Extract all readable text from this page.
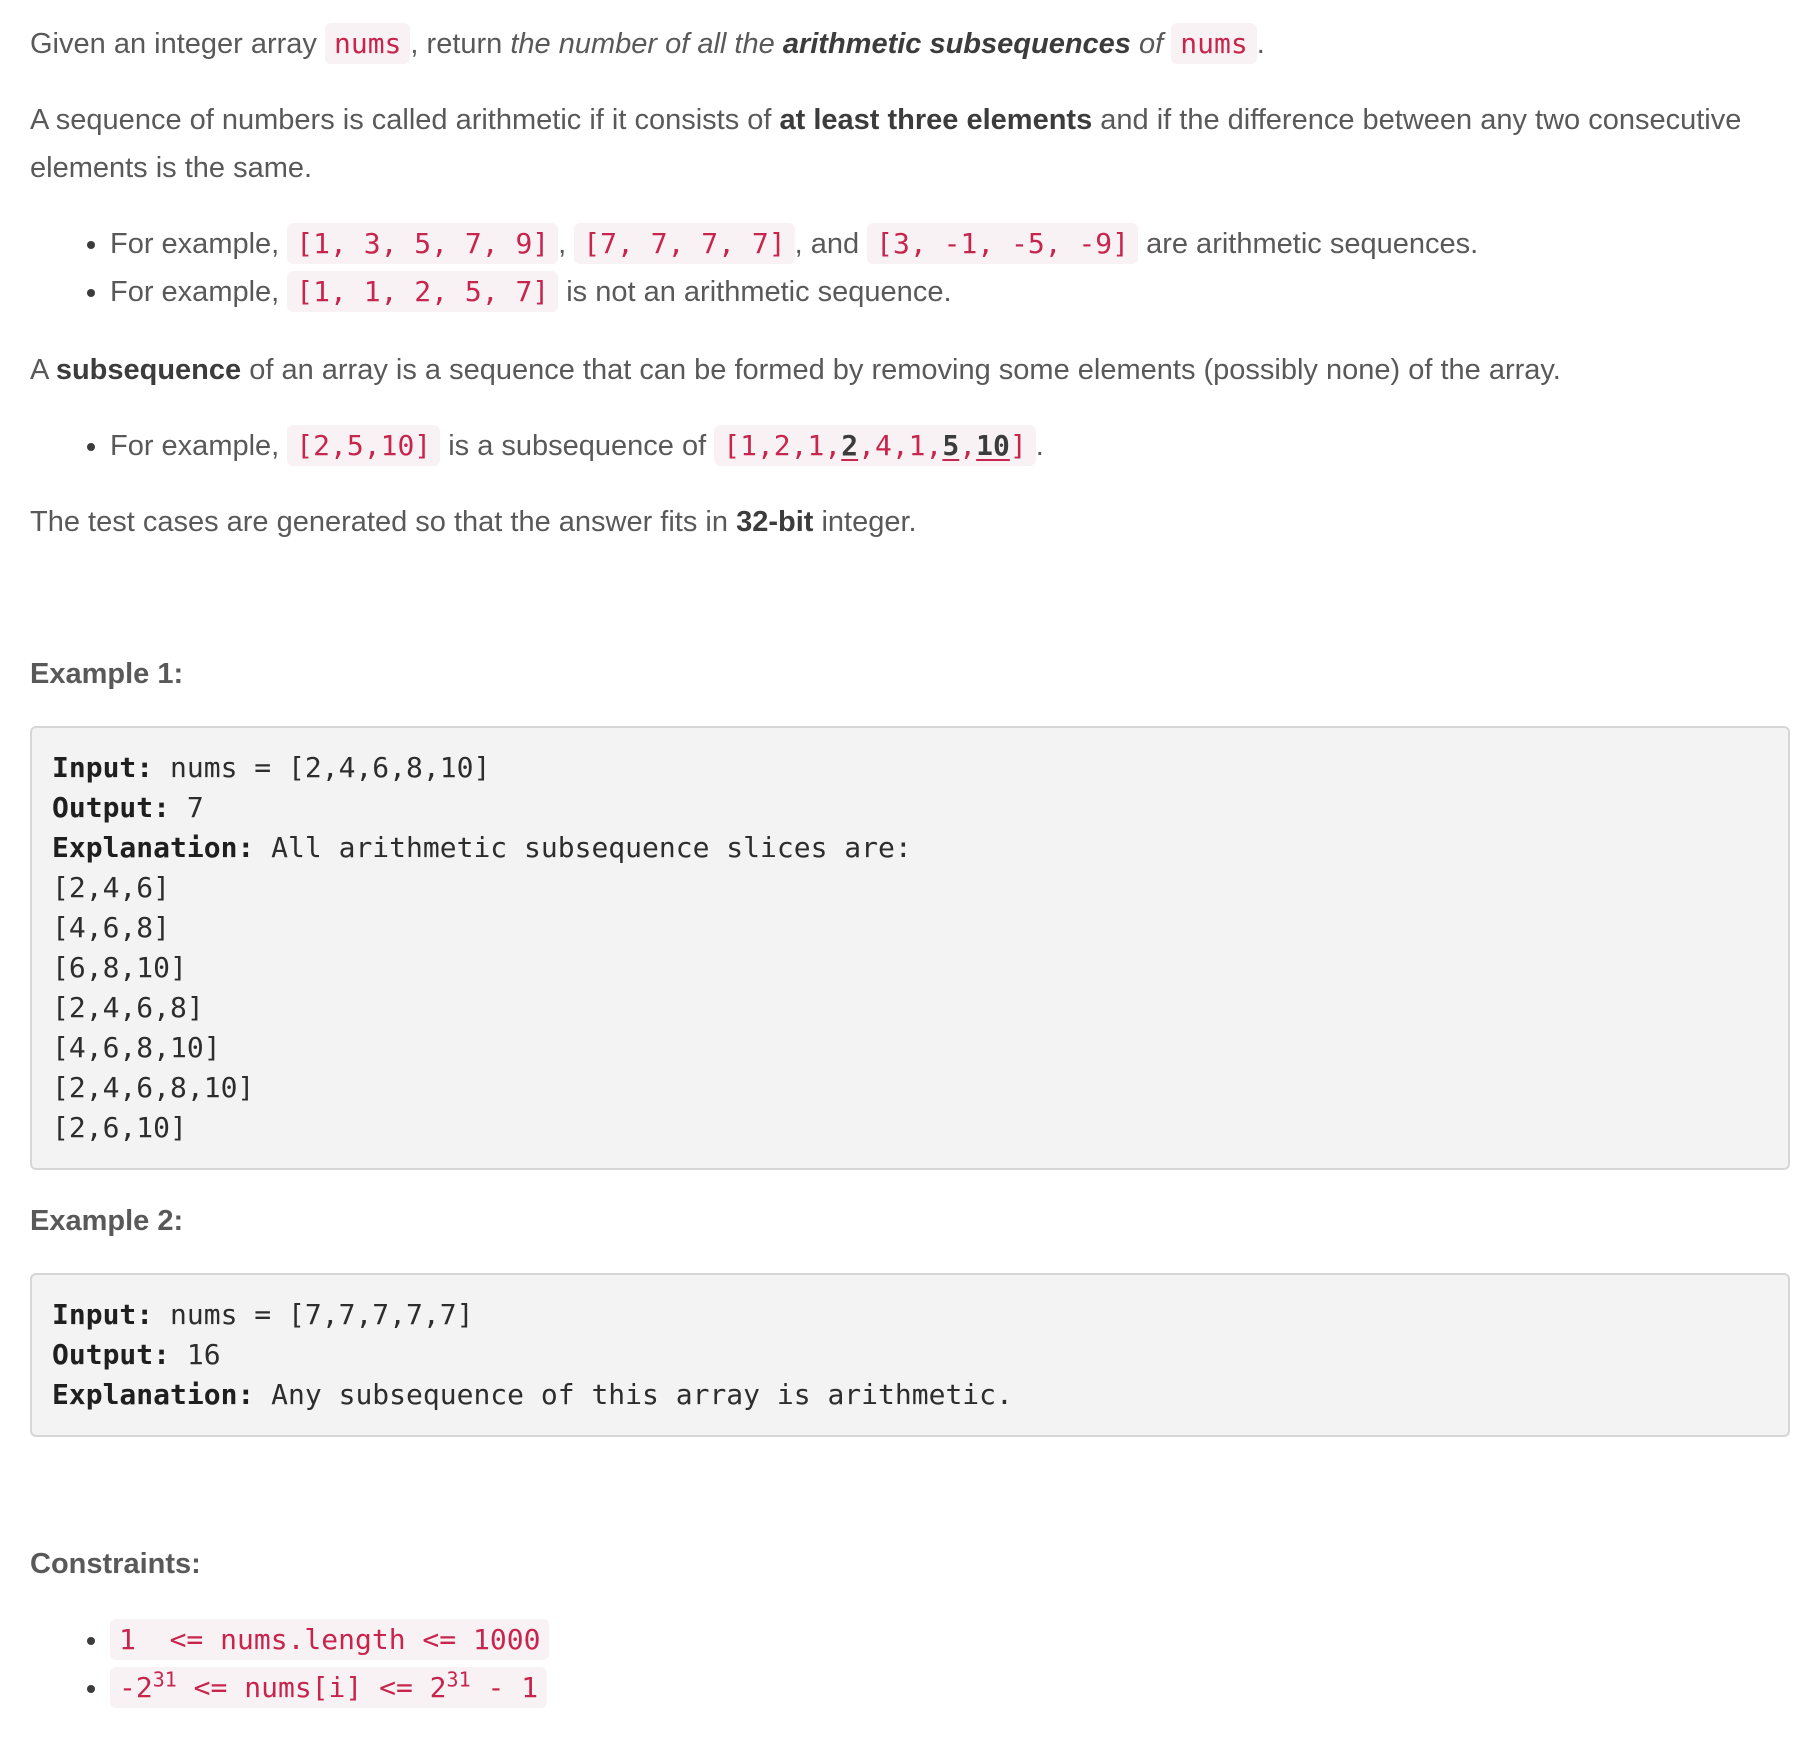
Given an integer array nums , return the number of all the arithmetic subsequences of nums .

A sequence of numbers is called arithmetic if it consists of at least three elements and if the difference between any two consecutive elements is the same.

• For example, [1, 3, 5, 7, 9] , [7, 7, 7, 7] , and [3, -1, -5, -9] are arithmetic sequences.
• For example, [1, 1, 2, 5, 7] is not an arithmetic sequence.

A subsequence of an array is a sequence that can be formed by removing some elements (possibly none) of the array.

• For example, [2,5,10] is a subsequence of [1,2,1,2,4,1,5,10] .

The test cases are generated so that the answer fits in 32-bit integer.

Example 1:

Input: nums = [2,4,6,8,10]
Output: 7
Explanation: All arithmetic subsequence slices are:
[2,4,6]
[4,6,8]
[6,8,10]
[2,4,6,8]
[4,6,8,10]
[2,4,6,8,10]
[2,6,10]

Example 2:

Input: nums = [7,7,7,7,7]
Output: 16
Explanation: Any subsequence of this array is arithmetic.

Constraints:

• 1  <= nums.length <= 1000
• $-2^{31}$ <= nums[i] <= $2^{31} - 1$
